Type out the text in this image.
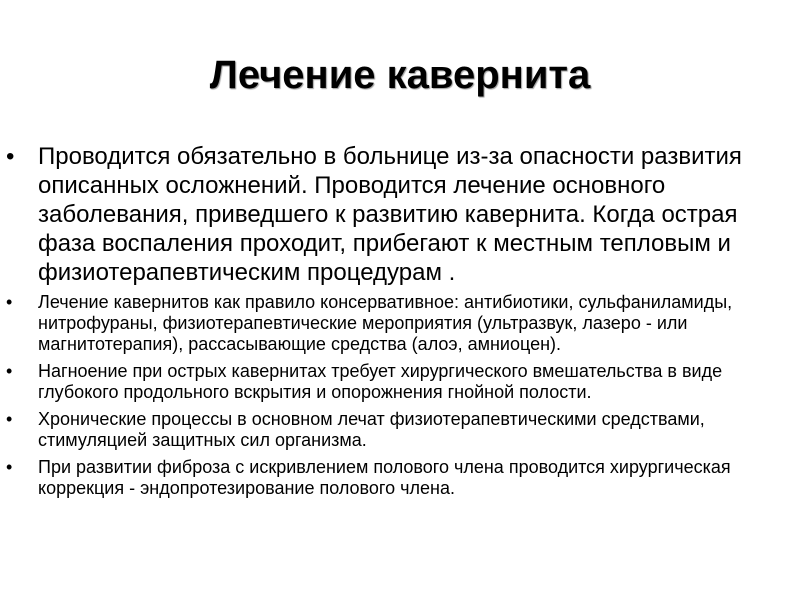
Лечение кавернита
• Проводится обязательно в больнице из-за опасности развития описанных осложнений. Проводится лечение основного заболевания, приведшего к развитию кавернита. Когда острая фаза воспаления проходит, прибегают к местным тепловым и физиотерапевтическим процедурам .
• Лечение кавернитов как правило консервативное: антибиотики, сульфаниламиды, нитрофураны, физиотерапевтические мероприятия (ультразвук, лазеро - или магнитотерапия), рассасывающие средства (алоэ, амниоцен).
• Нагноение при острых кавернитах требует хирургического вмешательства в виде глубокого продольного вскрытия и опорожнения гнойной полости.
• Хронические процессы в основном лечат физиотерапевтическими средствами, стимуляцией защитных сил организма.
• При развитии фиброза с искривлением полового члена проводится хирургическая коррекция - эндопротезирование полового члена.
